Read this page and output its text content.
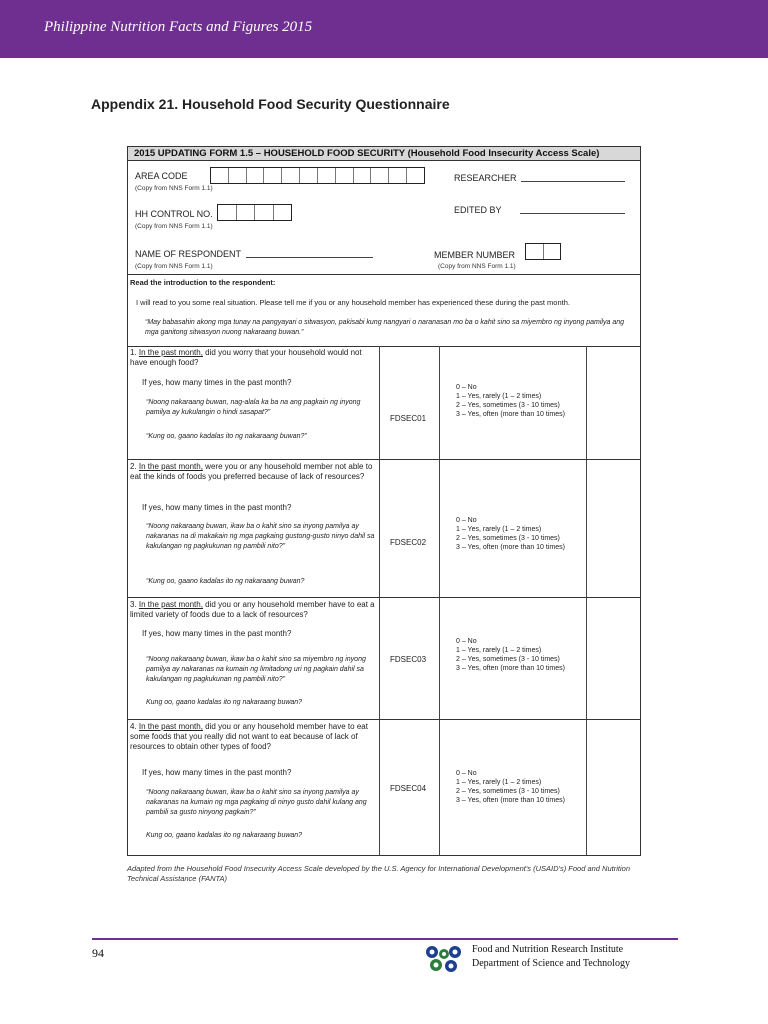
Philippine Nutrition Facts and Figures 2015
Appendix 21. Household Food Security Questionnaire
2015 UPDATING FORM 1.5 – HOUSEHOLD FOOD SECURITY (Household Food Insecurity Access Scale)
AREA CODE
(Copy from NNS Form 1.1)
RESEARCHER
HH CONTROL NO.
(Copy from NNS Form 1.1)
EDITED BY
NAME OF RESPONDENT
(Copy from NNS Form 1.1)
MEMBER NUMBER
(Copy from NNS Form 1.1)
Read the introduction to the respondent:
I will read to you some real situation. Please tell me if you or any household member has experienced these during the past month.
“May babasahin akong mga tunay na pangyayari o sitwasyon, pakisabi kung nangyari o naranasan mo ba o kahit sino sa miyembro ng inyong pamilya ang mga ganitong sitwasyon nuong nakaraang buwan.”
1. In the past month, did you worry that your household would not have enough food?
If yes, how many times in the past month?
“Noong nakaraang buwan, nag-alala ka ba na ang pagkain ng inyong pamilya ay kukulangin o hindi sasapat?”
“Kung oo, gaano kadalas ito ng nakaraang buwan?”
FDSEC01
0 – No
1 – Yes, rarely (1 – 2 times)
2 – Yes, sometimes (3 - 10 times)
3 – Yes, often (more than 10 times)
2. In the past month, were you or any household member not able to eat the kinds of foods you preferred because of lack of resources?
If yes, how many times in the past month?
“Noong nakaraang buwan, ikaw ba o kahit sino sa inyong pamilya ay nakaranas na di makakain ng mga pagkaing gustong-gusto ninyo dahil sa kakulangan ng pagkukunan ng pambili nito?”
“Kung oo, gaano kadalas ito ng nakaraang buwan?
FDSEC02
0 – No
1 – Yes, rarely (1 – 2 times)
2 – Yes, sometimes (3 - 10 times)
3 – Yes, often (more than 10 times)
3. In the past month, did you or any household member have to eat a limited variety of foods due to a lack of resources?
If yes, how many times in the past month?
“Noong nakaraang buwan, ikaw ba o kahit sino sa miyembro ng inyong pamilya ay nakaranas na kumain ng limitadong uri ng pagkain dahil sa kakulangan ng pagkukunan ng pambili nito?”
Kung oo, gaano kadalas ito ng nakaraang buwan?
FDSEC03
0 – No
1 – Yes, rarely (1 – 2 times)
2 – Yes, sometimes (3 - 10 times)
3 – Yes, often (more than 10 times)
4. In the past month, did you or any household member have to eat some foods that you really did not want to eat because of lack of resources to obtain other types of food?
If yes, how many times in the past month?
“Noong nakaraang buwan, ikaw ba o kahit sino sa inyong pamilya ay nakaranas na kumain ng mga pagkaing di ninyo gusto dahil kulang ang pambili sa gusto ninyong pagkain?”
Kung oo, gaano kadalas ito ng nakaraang buwan?
FDSEC04
0 – No
1 – Yes, rarely (1 – 2 times)
2 – Yes, sometimes (3 - 10 times)
3 – Yes, often (more than 10 times)
Adapted from the Household Food Insecurity Access Scale developed by the U.S. Agency for International Development's (USAID's) Food and Nutrition Technical Assistance (FANTA)
94	Food and Nutrition Research Institute
Department of Science and Technology
